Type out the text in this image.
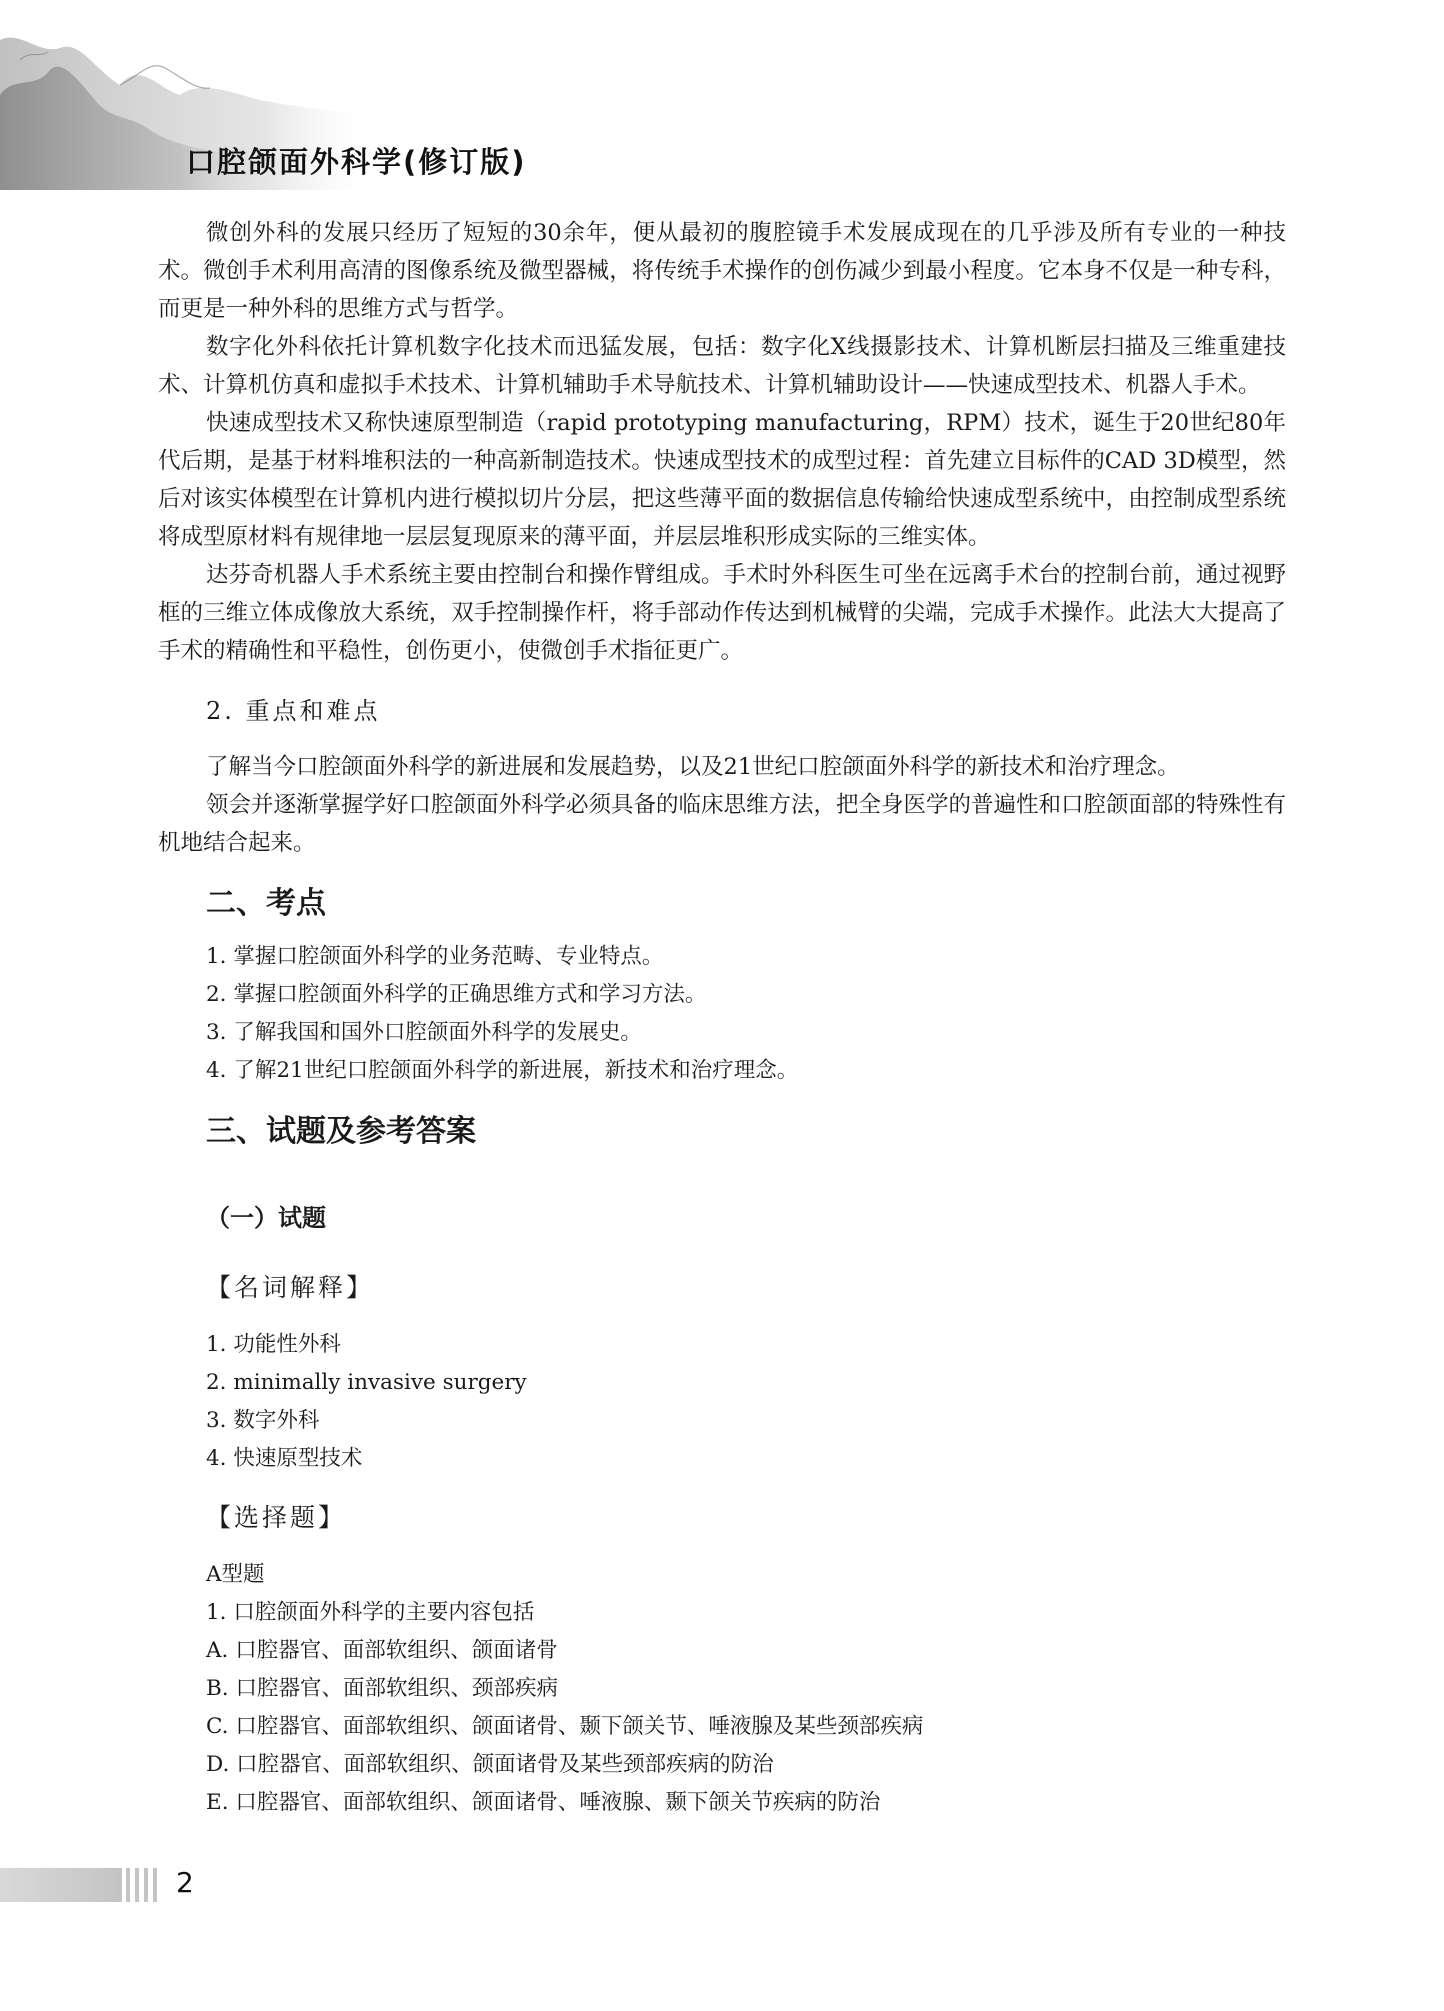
口腔颌面外科学(修订版)

微创外科的发展只经历了短短的30余年，便从最初的腹腔镜手术发展成现在的几乎涉及所有专业的一种技术。微创手术利用高清的图像系统及微型器械，将传统手术操作的创伤减少到最小程度。它本身不仅是一种专科，而更是一种外科的思维方式与哲学。

数字化外科依托计算机数字化技术而迅猛发展，包括：数字化X线摄影技术、计算机断层扫描及三维重建技术、计算机仿真和虚拟手术技术、计算机辅助手术导航技术、计算机辅助设计——快速成型技术、机器人手术。

快速成型技术又称快速原型制造（rapid prototyping manufacturing，RPM）技术，诞生于20世纪80年代后期，是基于材料堆积法的一种高新制造技术。快速成型技术的成型过程：首先建立目标件的CAD 3D模型，然后对该实体模型在计算机内进行模拟切片分层，把这些薄平面的数据信息传输给快速成型系统中，由控制成型系统将成型原材料有规律地一层层复现原来的薄平面，并层层堆积形成实际的三维实体。

达芬奇机器人手术系统主要由控制台和操作臂组成。手术时外科医生可坐在远离手术台的控制台前，通过视野框的三维立体成像放大系统，双手控制操作杆，将手部动作传达到机械臂的尖端，完成手术操作。此法大大提高了手术的精确性和平稳性，创伤更小，使微创手术指征更广。

2. 重点和难点

了解当今口腔颌面外科学的新进展和发展趋势，以及21世纪口腔颌面外科学的新技术和治疗理念。

领会并逐渐掌握学好口腔颌面外科学必须具备的临床思维方法，把全身医学的普遍性和口腔颌面部的特殊性有机地结合起来。

二、考点
1. 掌握口腔颌面外科学的业务范畴、专业特点。
2. 掌握口腔颌面外科学的正确思维方式和学习方法。
3. 了解我国和国外口腔颌面外科学的发展史。
4. 了解21世纪口腔颌面外科学的新进展，新技术和治疗理念。
三、试题及参考答案
（一）试题
【名词解释】
1. 功能性外科
2. minimally invasive surgery
3. 数字外科
4. 快速原型技术
【选择题】
A型题
1. 口腔颌面外科学的主要内容包括
A. 口腔器官、面部软组织、颌面诸骨
B. 口腔器官、面部软组织、颈部疾病
C. 口腔器官、面部软组织、颌面诸骨、颞下颌关节、唾液腺及某些颈部疾病
D. 口腔器官、面部软组织、颌面诸骨及某些颈部疾病的防治
E. 口腔器官、面部软组织、颌面诸骨、唾液腺、颞下颌关节疾病的防治
2
